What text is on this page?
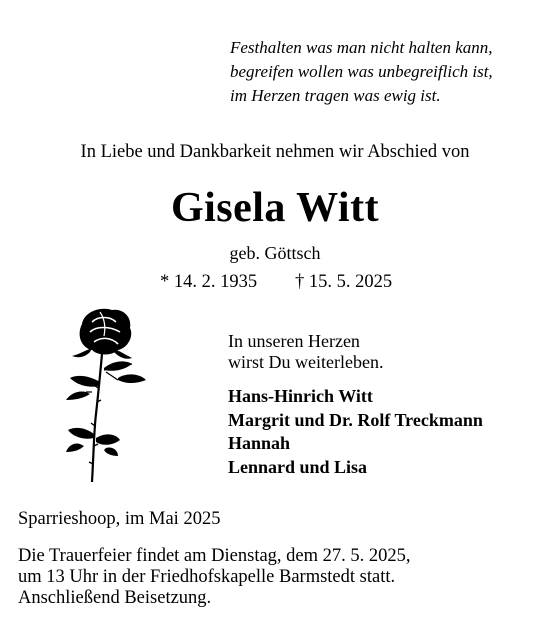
Festhalten was man nicht halten kann,
begreifen wollen was unbegreiflich ist,
im Herzen tragen was ewig ist.
In Liebe und Dankbarkeit nehmen wir Abschied von
Gisela Witt
geb. Göttsch
* 14. 2. 1935 † 15. 5. 2025
In unseren Herzen
wirst Du weiterleben.
Hans-Hinrich Witt
Margrit und Dr. Rolf Treckmann
Hannah
Lennard und Lisa
Sparrieshoop, im Mai 2025
Die Trauerfeier findet am Dienstag, dem 27. 5. 2025,
um 13 Uhr in der Friedhofskapelle Barmstedt statt.
Anschließend Beisetzung.
